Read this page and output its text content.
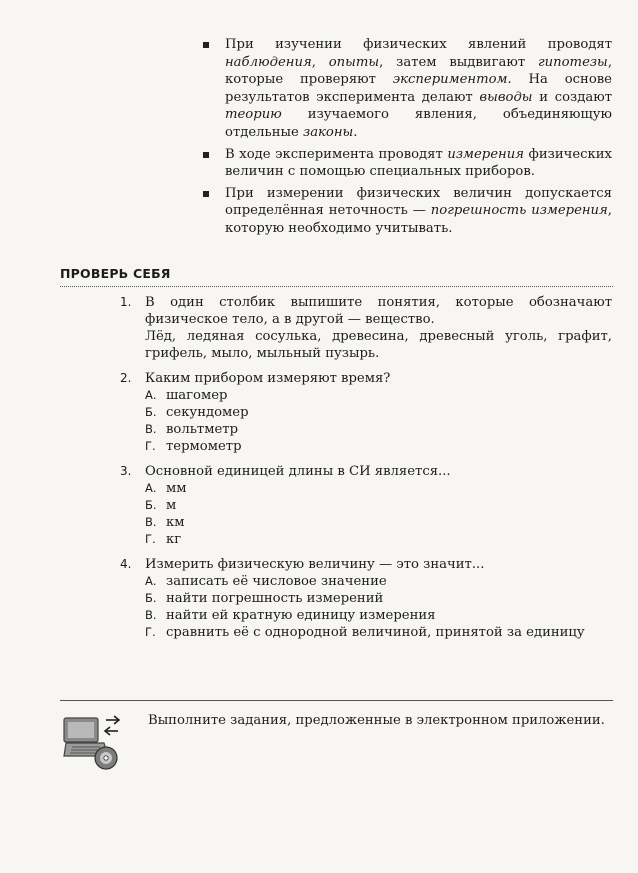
При изучении физических явлений проводят наблюдения, опыты, затем выдвигают гипотезы, которые проверяют экспериментом. На основе результатов эксперимента делают выводы и создают теорию изучаемого явления, объединяющую отдельные законы.
В ходе эксперимента проводят измерения физических величин с помощью специальных приборов.
При измерении физических величин допускается определённая неточность — погрешность измерения, которую необходимо учитывать.
ПРОВЕРЬ СЕБЯ
1. В один столбик выпишите понятия, которые обозначают физическое тело, а в другой — вещество.
Лёд, ледяная сосулька, древесина, древесный уголь, графит, грифель, мыло, мыльный пузырь.
2. Каким прибором измеряют время?
А. шагомер
Б. секундомер
В. вольтметр
Г. термометр
3. Основной единицей длины в СИ является...
А. мм
Б. м
В. км
Г. кг
4. Измерить физическую величину — это значит...
А. записать её числовое значение
Б. найти погрешность измерений
В. найти ей кратную единицу измерения
Г. сравнить её с однородной величиной, принятой за единицу
Выполните задания, предложенные в электронном приложении.
